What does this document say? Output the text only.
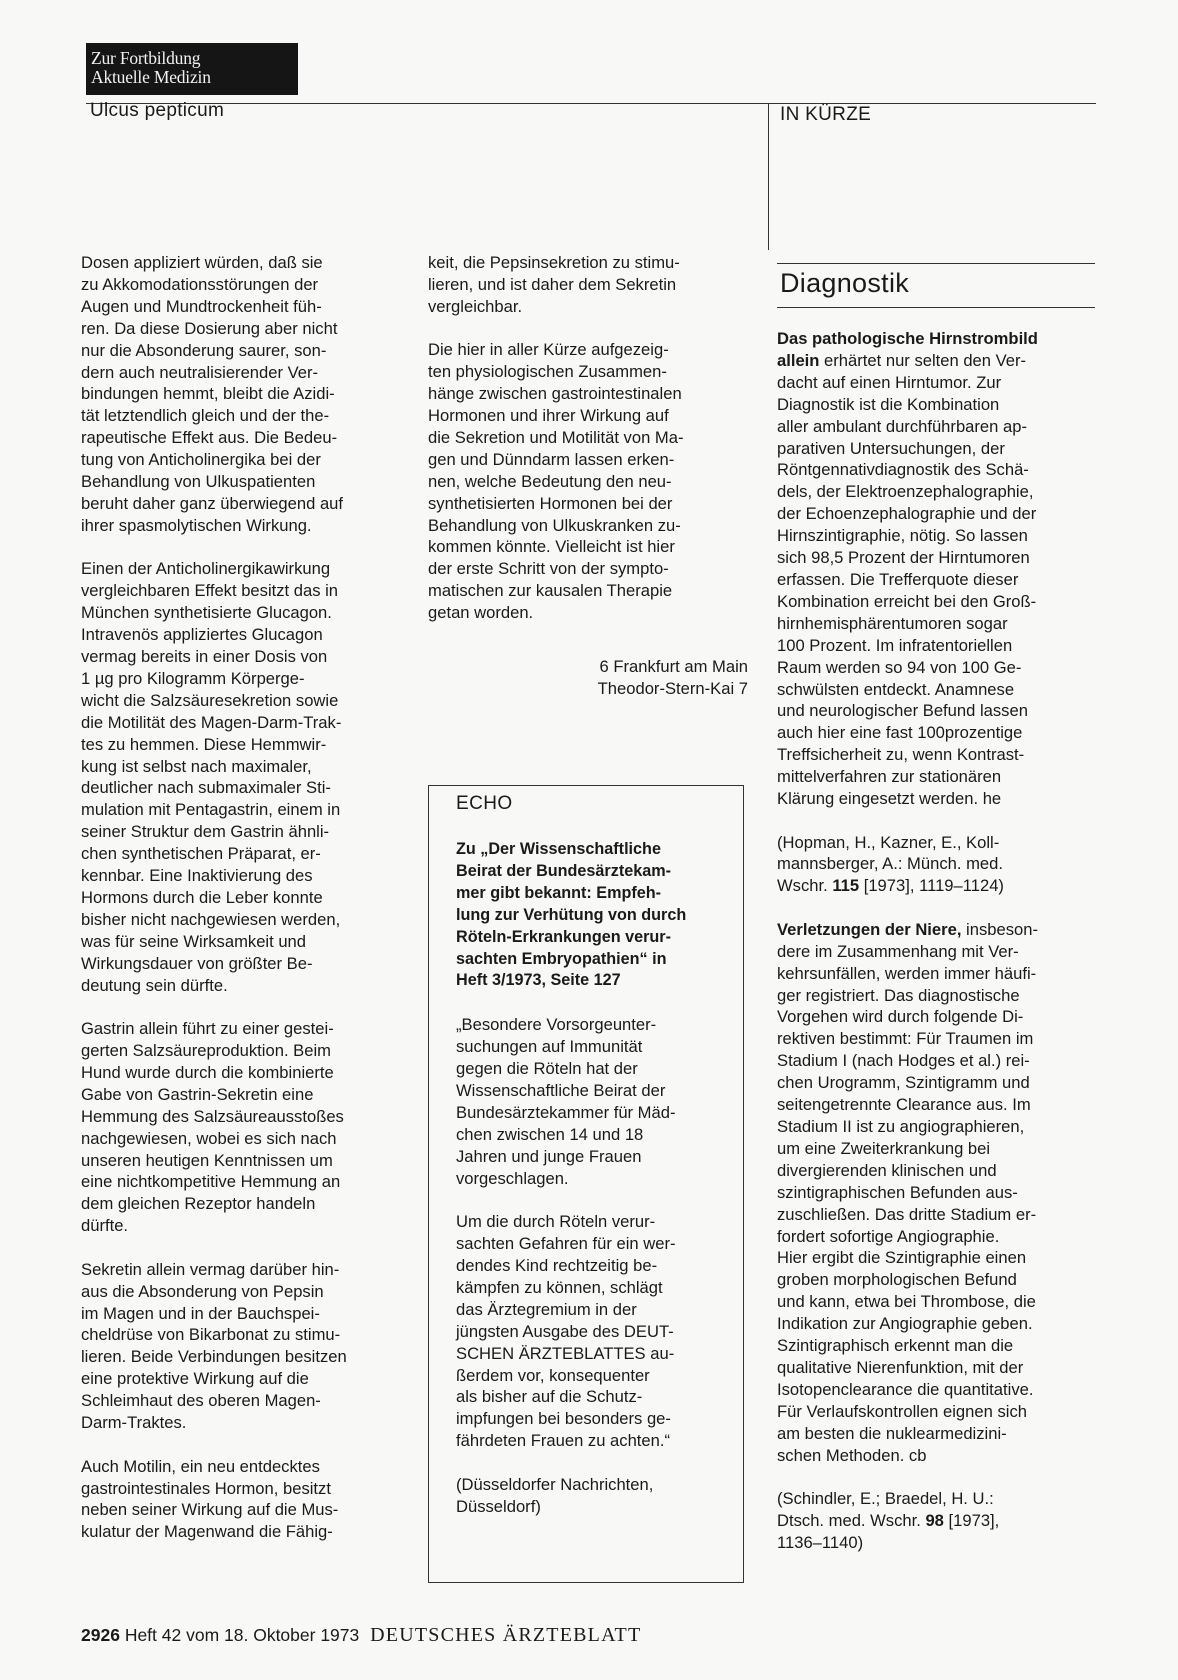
Zur Fortbildung
Aktuelle Medizin
Ulcus pepticum	IN KÜRZE

Dosen appliziert würden, daß sie
zu Akkomodationsstörungen der
Augen und Mundtrockenheit füh-
ren. Da diese Dosierung aber nicht
nur die Absonderung saurer, son-
dern auch neutralisierender Ver-
bindungen hemmt, bleibt die Azidi-
tät letztendlich gleich und der the-
rapeutische Effekt aus. Die Bedeu-
tung von Anticholinergika bei der
Behandlung von Ulkuspatienten
beruht daher ganz überwiegend auf
ihrer spasmolytischen Wirkung.

Einen der Anticholinergikawirkung
vergleichbaren Effekt besitzt das in
München synthetisierte Glucagon.
Intravenös appliziertes Glucagon
vermag bereits in einer Dosis von
1 µg pro Kilogramm Körperge-
wicht die Salzsäuresekretion sowie
die Motilität des Magen-Darm-Trak-
tes zu hemmen. Diese Hemmwir-
kung ist selbst nach maximaler,
deutlicher nach submaximaler Sti-
mulation mit Pentagastrin, einem in
seiner Struktur dem Gastrin ähnli-
chen synthetischen Präparat, er-
kennbar. Eine Inaktivierung des
Hormons durch die Leber konnte
bisher nicht nachgewiesen werden,
was für seine Wirksamkeit und
Wirkungsdauer von größter Be-
deutung sein dürfte.

Gastrin allein führt zu einer gestei-
gerten Salzsäureproduktion. Beim
Hund wurde durch die kombinierte
Gabe von Gastrin-Sekretin eine
Hemmung des Salzsäureausstoßes
nachgewiesen, wobei es sich nach
unseren heutigen Kenntnissen um
eine nichtkompetitive Hemmung an
dem gleichen Rezeptor handeln
dürfte.

Sekretin allein vermag darüber hin-
aus die Absonderung von Pepsin
im Magen und in der Bauchspei-
cheldrüse von Bikarbonat zu stimu-
lieren. Beide Verbindungen besitzen
eine protektive Wirkung auf die
Schleimhaut des oberen Magen-
Darm-Traktes.

Auch Motilin, ein neu entdecktes
gastrointestinales Hormon, besitzt
neben seiner Wirkung auf die Mus-
kulatur der Magenwand die Fähig-

keit, die Pepsinsekretion zu stimu-
lieren, und ist daher dem Sekretin
vergleichbar.

Die hier in aller Kürze aufgezeig-
ten physiologischen Zusammen-
hänge zwischen gastrointestinalen
Hormonen und ihrer Wirkung auf
die Sekretion und Motilität von Ma-
gen und Dünndarm lassen erken-
nen, welche Bedeutung den neu-
synthetisierten Hormonen bei der
Behandlung von Ulkuskranken zu-
kommen könnte. Vielleicht ist hier
der erste Schritt von der sympto-
matischen zur kausalen Therapie
getan worden.

6 Frankfurt am Main
Theodor-Stern-Kai 7
ECHO
Zu „Der Wissenschaftliche
Beirat der Bundesärztekam-
mer gibt bekannt: Empfeh-
lung zur Verhütung von durch
Röteln-Erkrankungen verur-
sachten Embryopathien“ in
Heft 3/1973, Seite 127

„Besondere Vorsorgeunter-
suchungen auf Immunität
gegen die Röteln hat der
Wissenschaftliche Beirat der
Bundesärztekammer für Mäd-
chen zwischen 14 und 18
Jahren und junge Frauen
vorgeschlagen.

Um die durch Röteln verur-
sachten Gefahren für ein wer-
dendes Kind rechtzeitig be-
kämpfen zu können, schlägt
das Ärztegremium in der
jüngsten Ausgabe des DEUT-
SCHEN ÄRZTEBLATTES au-
ßerdem vor, konsequenter
als bisher auf die Schutz-
impfungen bei besonders ge-
fährdeten Frauen zu achten.“

(Düsseldorfer Nachrichten,
Düsseldorf)

Diagnostik

Das pathologische Hirnstrombild
allein erhärtet nur selten den Ver-
dacht auf einen Hirntumor. Zur
Diagnostik ist die Kombination
aller ambulant durchführbaren ap-
parativen Untersuchungen, der
Röntgennativdiagnostik des Schä-
dels, der Elektroenzephalographie,
der Echoenzephalographie und der
Hirnszintigraphie, nötig. So lassen
sich 98,5 Prozent der Hirntumoren
erfassen. Die Trefferquote dieser
Kombination erreicht bei den Groß-
hirnhemisphärentumoren sogar
100 Prozent. Im infratentoriellen
Raum werden so 94 von 100 Ge-
schwülsten entdeckt. Anamnese
und neurologischer Befund lassen
auch hier eine fast 100prozentige
Treffsicherheit zu, wenn Kontrast-
mittelverfahren zur stationären
Klärung eingesetzt werden. he

(Hopman, H., Kazner, E., Koll-
mannsberger, A.: Münch. med.
Wschr. 115 [1973], 1119–1124)

Verletzungen der Niere, insbeson-
dere im Zusammenhang mit Ver-
kehrsunfällen, werden immer häufi-
ger registriert. Das diagnostische
Vorgehen wird durch folgende Di-
rektiven bestimmt: Für Traumen im
Stadium I (nach Hodges et al.) rei-
chen Urogramm, Szintigramm und
seitengetrennte Clearance aus. Im
Stadium II ist zu angiographieren,
um eine Zweiterkrankung bei
divergierenden klinischen und
szintigraphischen Befunden aus-
zuschließen. Das dritte Stadium er-
fordert sofortige Angiographie.
Hier ergibt die Szintigraphie einen
groben morphologischen Befund
und kann, etwa bei Thrombose, die
Indikation zur Angiographie geben.
Szintigraphisch erkennt man die
qualitative Nierenfunktion, mit der
Isotopenclearance die quantitative.
Für Verlaufskontrollen eignen sich
am besten die nuklearmedizini-
schen Methoden. cb

(Schindler, E.; Braedel, H. U.:
Dtsch. med. Wschr. 98 [1973],
1136–1140)

2926 Heft 42 vom 18. Oktober 1973 DEUTSCHES ÄRZTEBLATT
